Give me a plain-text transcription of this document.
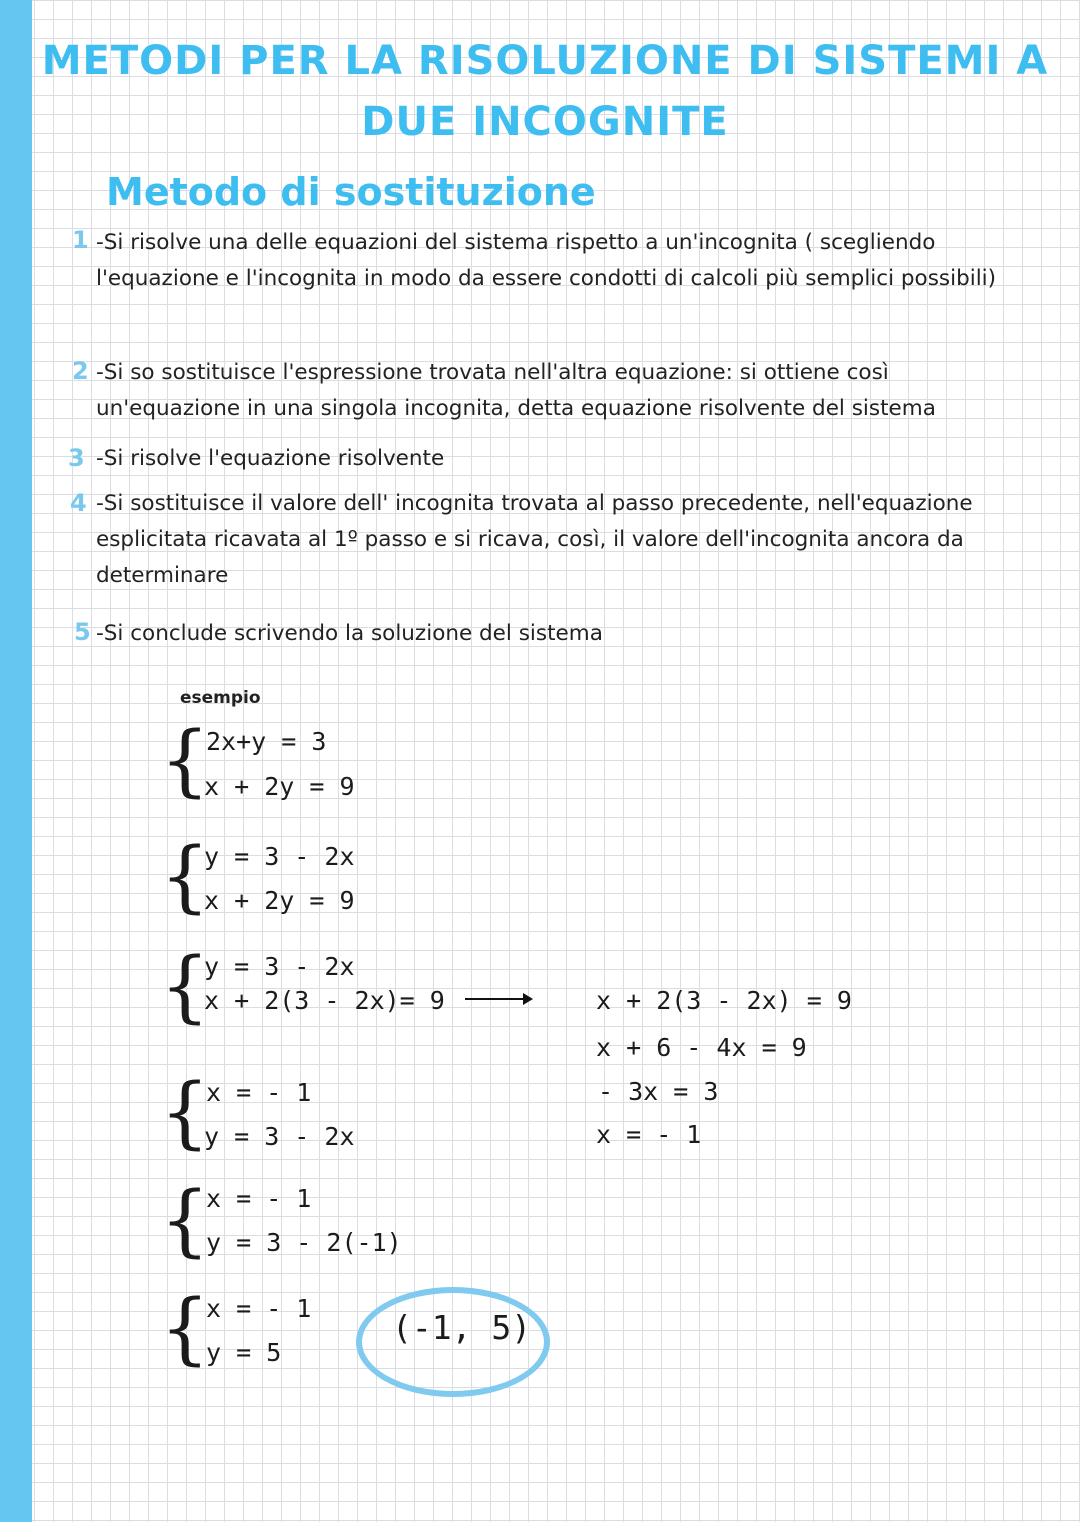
METODI PER LA RISOLUZIONE DI SISTEMI A
DUE INCOGNITE
Metodo di sostituzione
1 -Si risolve una delle equazioni del sistema rispetto a un'incognita ( scegliendo l'equazione e l'incognita in modo da essere condotti di calcoli più semplici possibili)
2 -Si so sostituisce l'espressione trovata nell'altra equazione: si ottiene così un'equazione in una singola incognita, detta equazione risolvente del sistema
3 -Si risolve l'equazione risolvente
4 -Si sostituisce il valore dell' incognita trovata al passo precedente, nell'equazione esplicitata ricavata al 1º passo e si ricava, così, il valore dell'incognita ancora da determinare
5 -Si conclude scrivendo la soluzione del sistema
esempio
{
2x+y = 3
x + 2y = 9
{
y = 3 - 2x
x + 2y = 9
{
y = 3 - 2x
x + 2(3 - 2x)= 9	x + 2(3 - 2x) = 9
x + 6 - 4x = 9
- 3x = 3
x = - 1
{
x = - 1
y = 3 - 2x
{
x = - 1
y = 3 - 2(-1)
{
x = - 1
y = 5
(-1, 5)
